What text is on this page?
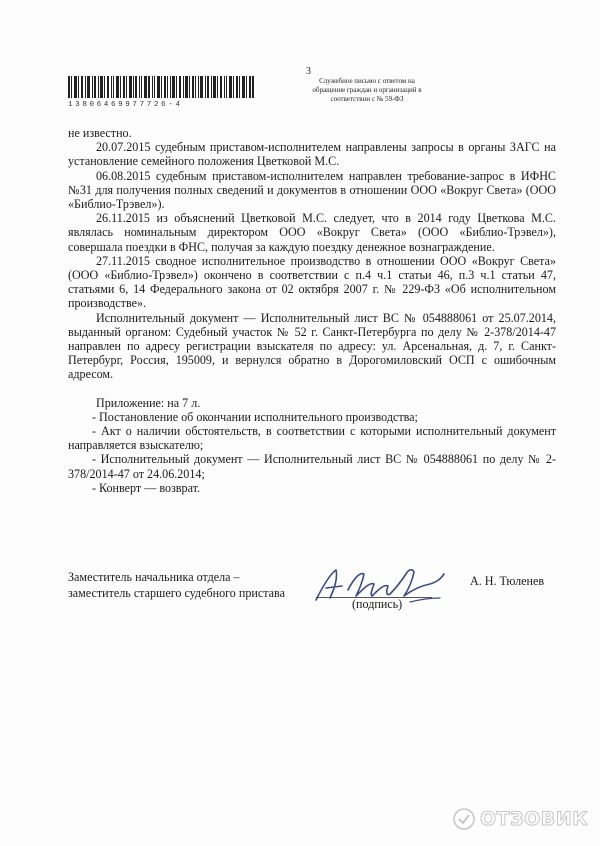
13806469977726-4
3
Служебное письмо с ответом на обращение граждан и организаций в соответствии с № 59-ФЗ

не известно.

20.07.2015 судебным приставом-исполнителем направлены запросы в органы ЗАГС на установление семейного положения Цветковой М.С.

06.08.2015 судебным приставом-исполнителем направлен требование-запрос в ИФНС №31 для получения полных сведений и документов в отношении ООО «Вокруг Света» (ООО «Библио-Трэвел»).

26.11.2015 из объяснений Цветковой М.С. следует, что в 2014 году Цветкова М.С. являлась номинальным директором ООО «Вокруг Света» (ООО «Библио-Трэвел»), совершала поездки в ФНС, получая за каждую поездку денежное вознаграждение.

27.11.2015 сводное исполнительное производство в отношении ООО «Вокруг Света» (ООО «Библио-Трэвел») окончено в соответствии с п.4 ч.1 статьи 46, п.3 ч.1 статьи 47, статьями 6, 14 Федерального закона от 02 октября 2007 г. № 229-ФЗ «Об исполнительном производстве».

Исполнительный документ — Исполнительный лист ВС № 054888061 от 25.07.2014, выданный органом: Судебный участок № 52 г. Санкт-Петербурга по делу № 2-378/2014-47 направлен по адресу регистрации взыскателя по адресу: ул. Арсенальная, д. 7, г. Санкт-Петербург, Россия, 195009, и вернулся обратно в Дорогомиловский ОСП с ошибочным адресом.

Приложение: на 7 л.

- Постановление об окончании исполнительного производства;

- Акт о наличии обстоятельств, в соответствии с которыми исполнительный документ направляется взыскателю;

- Исполнительный документ — Исполнительный лист ВС № 054888061 по делу № 2-378/2014-47 от 24.06.2014;

- Конверт — возврат.

Заместитель начальника отдела –
заместитель старшего судебного пристава
(подпись)
А. Н. Тюленев
ОТЗОВИК
